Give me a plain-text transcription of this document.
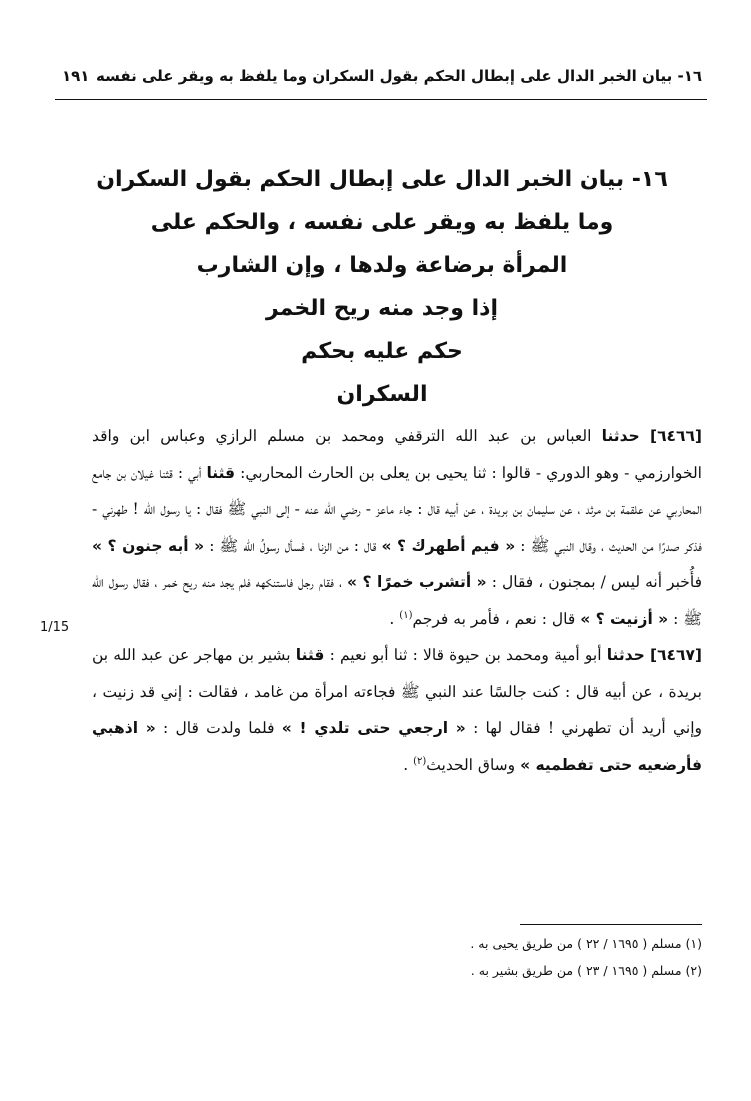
١٦- بيان الخبر الدال على إبطال الحكم بقول السكران وما يلفظ به ويقر على نفسه
١٩١
١٦- بيان الخبر الدال على إبطال الحكم بقول السكران
وما يلفظ به ويقر على نفسه ، والحكم على
المرأة برضاعة ولدها ، وإن الشارب
إذا وجد منه ريح الخمر
حكم عليه بحكم
السكران

[٦٤٦٦] حدثنا العباس بن عبد الله الترقفي ومحمد بن مسلم الرازي وعباس ابن واقد الخوارزمي - وهو الدوري - قالوا : ثنا يحيى بن يعلى بن الحارث المحاربي: قثنا أبي : قثنا غيلان بن جامع المحاربي عن علقمة بن مرثد ، عن سليمان بن بريدة ، عن أبيه قال : جاء ماعز - رضي الله عنه - إلى النبي ﷺ فقال : يا رسول الله ! طهرني - فذكر صدرًا من الحديث ، وقال النبي ﷺ : « فيم أطهرك ؟ » قال : من الزنا ، فسأل رسولُ الله ﷺ : « أبه جنون ؟ » فأُخبر أنه ليس / بمجنون ، فقال : « أتشرب خمرًا ؟ » ، فقام رجل فاستنكهه فلم يجد منه ريح خمر ، فقال رسول الله ﷺ : « أزنيت ؟ » قال : نعم ، فأمر به فرجم$^{(١)}$ .

[٦٤٦٧] حدثنا أبو أمية ومحمد بن حيوة قالا : ثنا أبو نعيم : قثنا بشير بن مهاجر عن عبد الله بن بريدة ، عن أبيه قال : كنت جالسًا عند النبي ﷺ فجاءته امرأة من غامد ، فقالت : إني قد زنيت ، وإني أريد أن تطهرني ! فقال لها : « ارجعي حتى تلدي ! » فلما ولدت قال : « اذهبي فأرضعيه حتى تفطميه » وساق الحديث$^{(٢)}$ .

1/15
(١) مسلم ( ١٦٩٥ / ٢٢ ) من طريق يحيى به .
(٢) مسلم ( ١٦٩٥ / ٢٣ ) من طريق بشير به .
